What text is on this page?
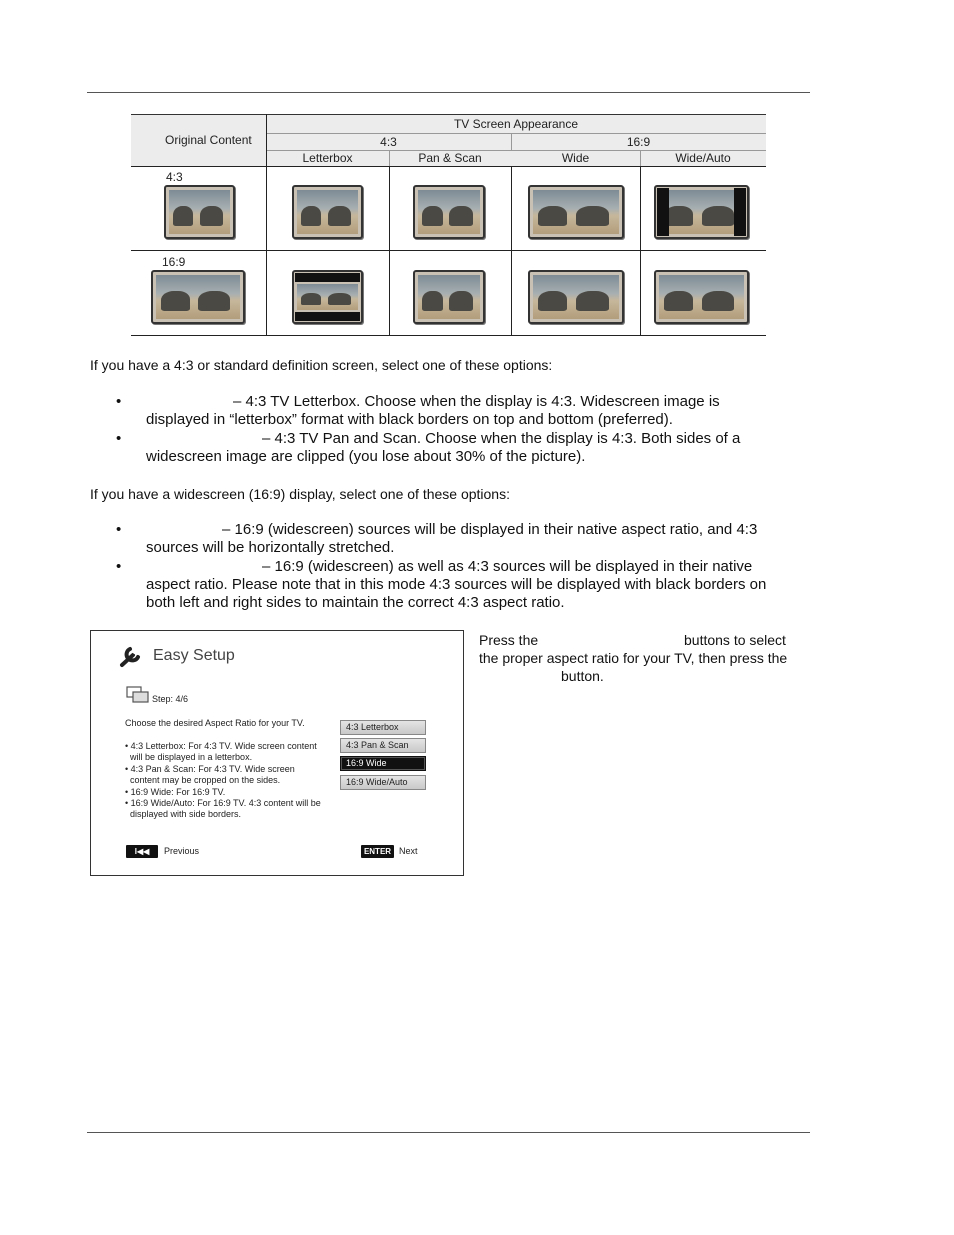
Original Content
TV Screen Appearance
4:3	16:9
Letterbox	Pan & Scan	Wide	Wide/Auto
4:3
16:9
If you have a 4:3 or standard definition screen, select one of these options:
•	– 4:3 TV Letterbox. Choose when the display is 4:3. Widescreen image is
displayed in “letterbox” format with black borders on top and bottom (preferred).
•	– 4:3 TV Pan and Scan. Choose when the display is 4:3. Both sides of a
widescreen image are clipped (you lose about 30% of the picture).
If you have a widescreen (16:9) display, select one of these options:
•	– 16:9 (widescreen) sources will be displayed in their native aspect ratio, and 4:3
sources will be horizontally stretched.
•	– 16:9 (widescreen) as well as 4:3 sources will be displayed in their native
aspect ratio. Please note that in this mode 4:3 sources will be displayed with black borders on
both left and right sides to maintain the correct 4:3 aspect ratio.
Easy Setup
Step: 4/6
Choose the desired Aspect Ratio for your TV.
• 4:3 Letterbox: For 4:3 TV. Wide screen content
will be displayed in a letterbox.
• 4:3 Pan & Scan: For 4:3 TV. Wide screen
content may be cropped on the sides.
• 16:9 Wide: For 16:9 TV.
• 16:9 Wide/Auto: For 16:9 TV. 4:3 content will be
displayed with side borders.
4:3 Letterbox
4:3 Pan & Scan
16:9 Wide
16:9 Wide/Auto
I◀◀	Previous	ENTER Next
Press the	buttons to select
the proper aspect ratio for your TV, then press the
button.
